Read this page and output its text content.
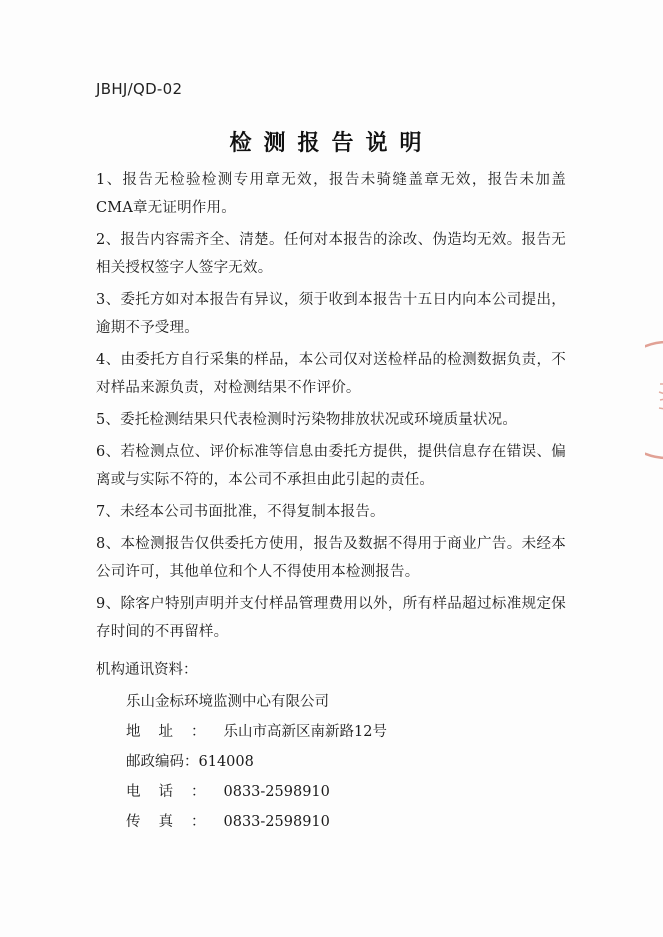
JBHJ/QD-02
检测报告说明
1、报告无检验检测专用章无效，报告未骑缝盖章无效，报告未加盖CMA章无证明作用。
2、报告内容需齐全、清楚。任何对本报告的涂改、伪造均无效。报告无相关授权签字人签字无效。
3、委托方如对本报告有异议，须于收到本报告十五日内向本公司提出，逾期不予受理。
4、由委托方自行采集的样品，本公司仅对送检样品的检测数据负责，不对样品来源负责，对检测结果不作评价。
5、委托检测结果只代表检测时污染物排放状况或环境质量状况。
6、若检测点位、评价标准等信息由委托方提供，提供信息存在错误、偏离或与实际不符的，本公司不承担由此引起的责任。
7、未经本公司书面批准，不得复制本报告。
8、本检测报告仅供委托方使用，报告及数据不得用于商业广告。未经本公司许可，其他单位和个人不得使用本检测报告。
9、除客户特别声明并支付样品管理费用以外，所有样品超过标准规定保存时间的不再留样。
机构通讯资料：
乐山金标环境监测中心有限公司
地址：乐山市高新区南新路12号
邮政编码：614008
电话：0833-2598910
传真：0833-2598910
